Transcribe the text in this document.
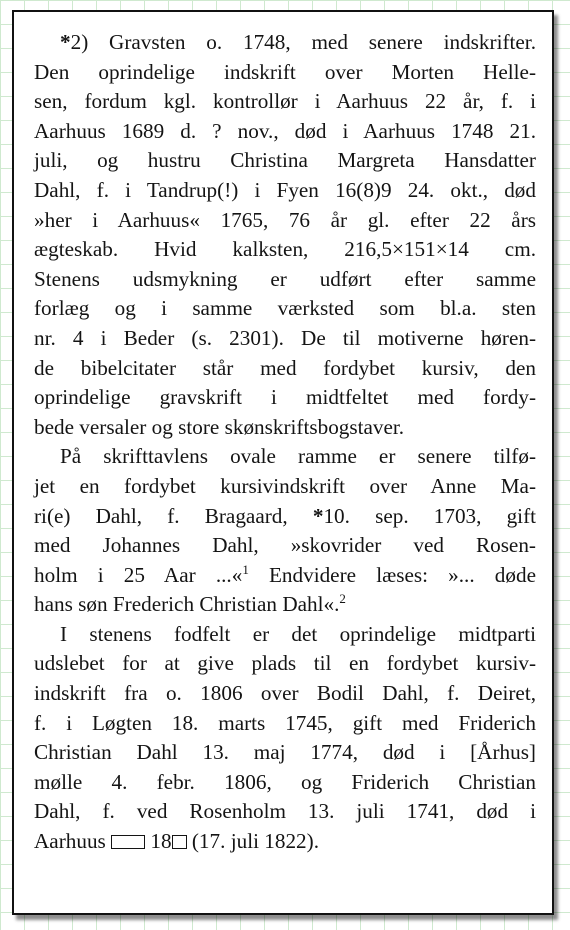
*2) Gravsten o. 1748, med senere indskrifter.
Den oprindelige indskrift over Morten Helle-
sen, fordum kgl. kontrollør i Aarhuus 22 år, f. i
Aarhuus 1689 d. ? nov., død i Aarhuus 1748 21.
juli, og hustru Christina Margreta Hansdatter
Dahl, f. i Tandrup(!) i Fyen 16(8)9 24. okt., død
»her i Aarhuus« 1765, 76 år gl. efter 22 års
ægteskab. Hvid kalksten, 216,5×151×14 cm.
Stenens udsmykning er udført efter samme
forlæg og i samme værksted som bl.a. sten
nr. 4 i Beder (s. 2301). De til motiverne høren-
de bibelcitater står med fordybet kursiv, den
oprindelige gravskrift i midtfeltet med fordy-
bede versaler og store skønskriftsbogstaver.
På skrifttavlens ovale ramme er senere tilfø-
jet en fordybet kursivindskrift over Anne Ma-
ri(e) Dahl, f. Bragaard, *10. sep. 1703, gift
med Johannes Dahl, »skovrider ved Rosen-
holm i 25 Aar ...«$^1$ Endvidere læses: »... døde
hans søn Frederich Christian Dahl«.$^2$
I stenens fodfelt er det oprindelige midtparti
udslebet for at give plads til en fordybet kursiv-
indskrift fra o. 1806 over Bodil Dahl, f. Deiret,
f. i Løgten 18. marts 1745, gift med Friderich
Christian Dahl 13. maj 1774, død i [Århus]
mølle 4. febr. 1806, og Friderich Christian
Dahl, f. ved Rosenholm 13. juli 1741, død i
Aarhuus 18 (17. juli 1822).
